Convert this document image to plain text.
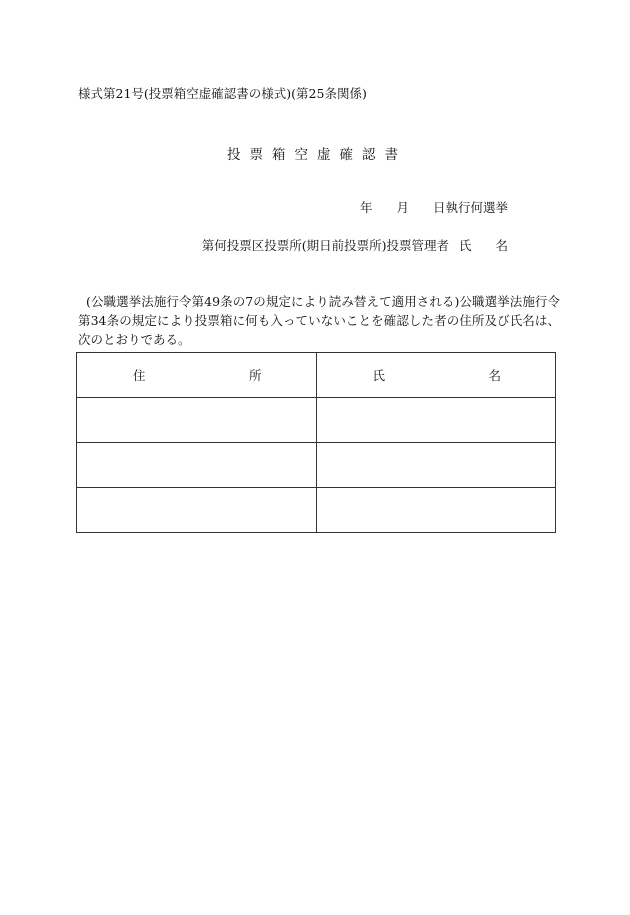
様式第21号(投票箱空虚確認書の様式)(第25条関係)
投票箱空虚確認書
年 月 日執行何選挙
第何投票区投票所(期日前投票所)投票管理者 氏 名
(公職選挙法施行令第49条の7の規定により読み替えて適用される)公職選挙法施行令第34条の規定により投票箱に何も入っていないことを確認した者の住所及び氏名は、次のとおりである。
住 所	氏 名
